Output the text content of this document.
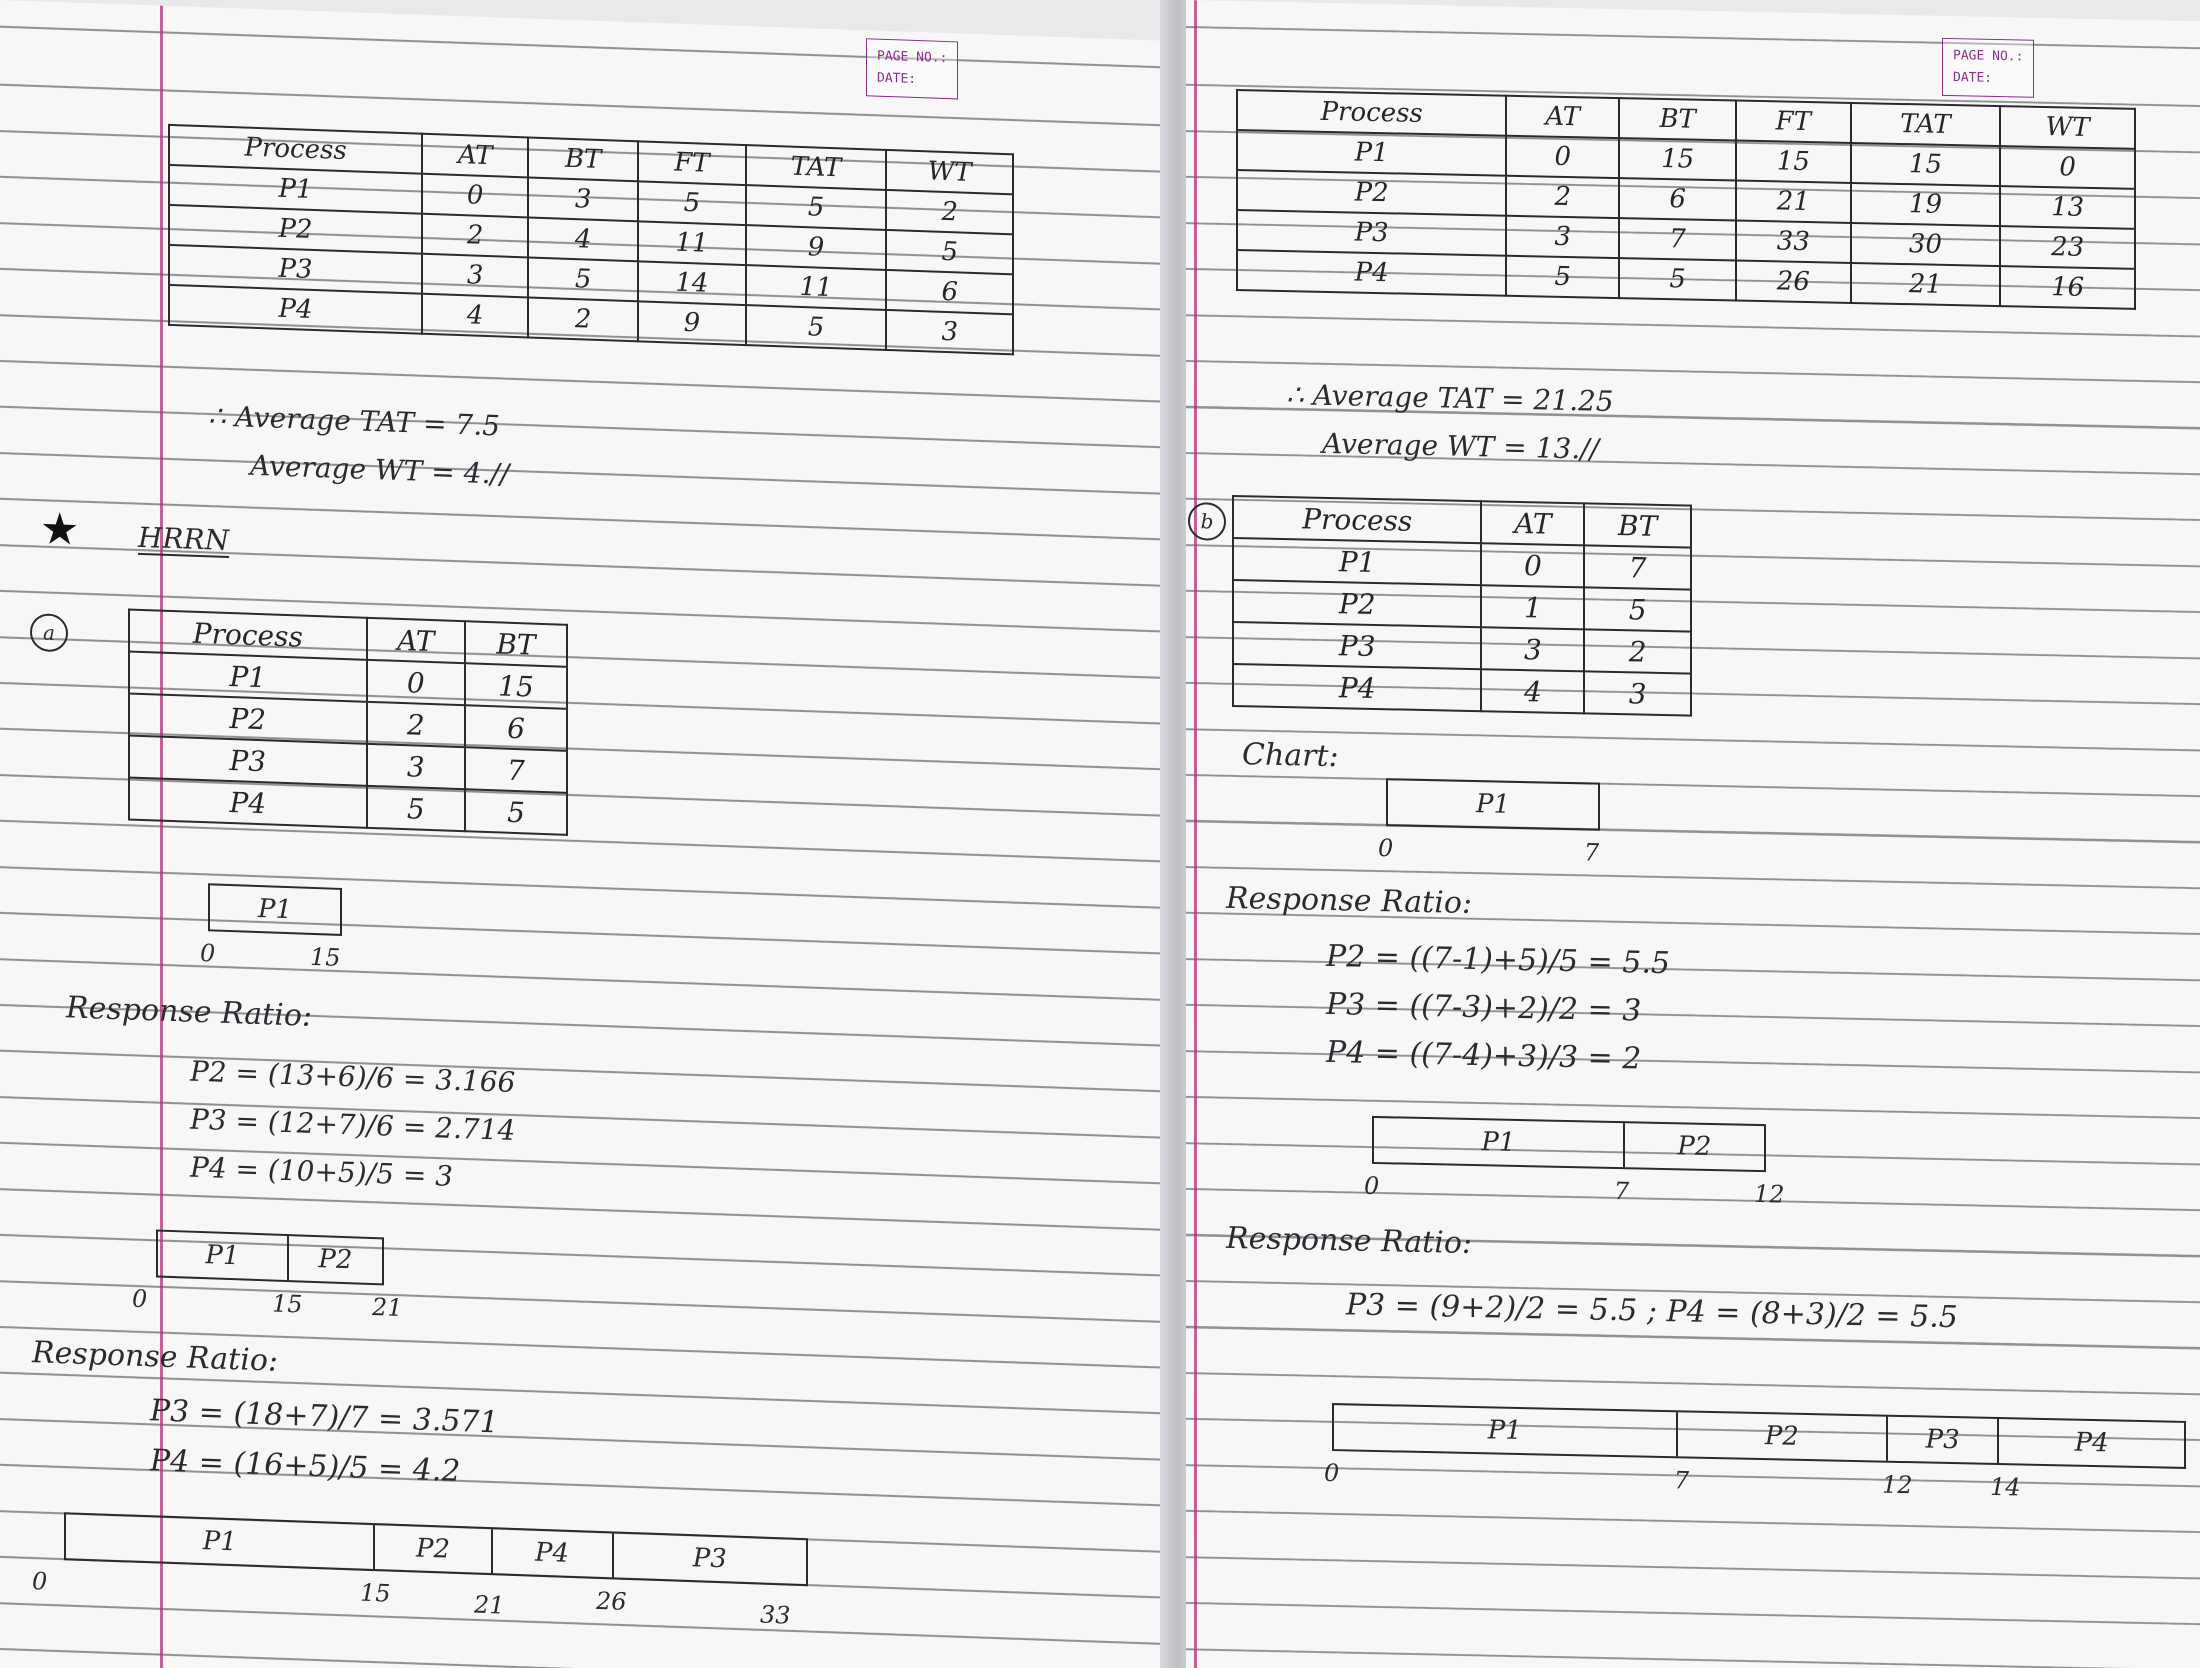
PAGE NO.:
DATE:
Process	AT	BT	FT	TAT	WT
P1	0	3	5	5	2
P2	2	4	11	9	5
P3	3	5	14	11	6
P4	4	2	9	5	3
∴ Average TAT = 7.5
Average WT = 4.//
★ HRRN
a	Process	AT	BT
P1	0	15
P2	2	6
P3	3	7
P4	5	5
P1
0	15
Response Ratio:
P2 = (13+6)/6 = 3.166
P3 = (12+7)/6 = 2.714
P4 = (10+5)/5 = 3
P1	P2
0	15	21
Response Ratio:
P3 = (18+7)/7 = 3.571
P4 = (16+5)/5 = 4.2
P1	P2	P4	P3
0	15	21	26	33
PAGE NO.:
DATE:
Process	AT	BT	FT	TAT	WT
P1	0	15	15	15	0
P2	2	6	21	19	13
P3	3	7	33	30	23
P4	5	5	26	21	16
∴ Average TAT = 21.25
Average WT = 13.//
b	Process	AT	BT
P1	0	7
P2	1	5
P3	3	2
P4	4	3
Chart:
P1
0	7
Response Ratio:
P2 = ((7-1)+5)/5 = 5.5
P3 = ((7-3)+2)/2 = 3
P4 = ((7-4)+3)/3 = 2
P1	P2
0	7	12
Response Ratio:
P3 = (9+2)/2 = 5.5 ; P4 = (8+3)/2 = 5.5
P1	P2	P3	P4
0	7	12	14
